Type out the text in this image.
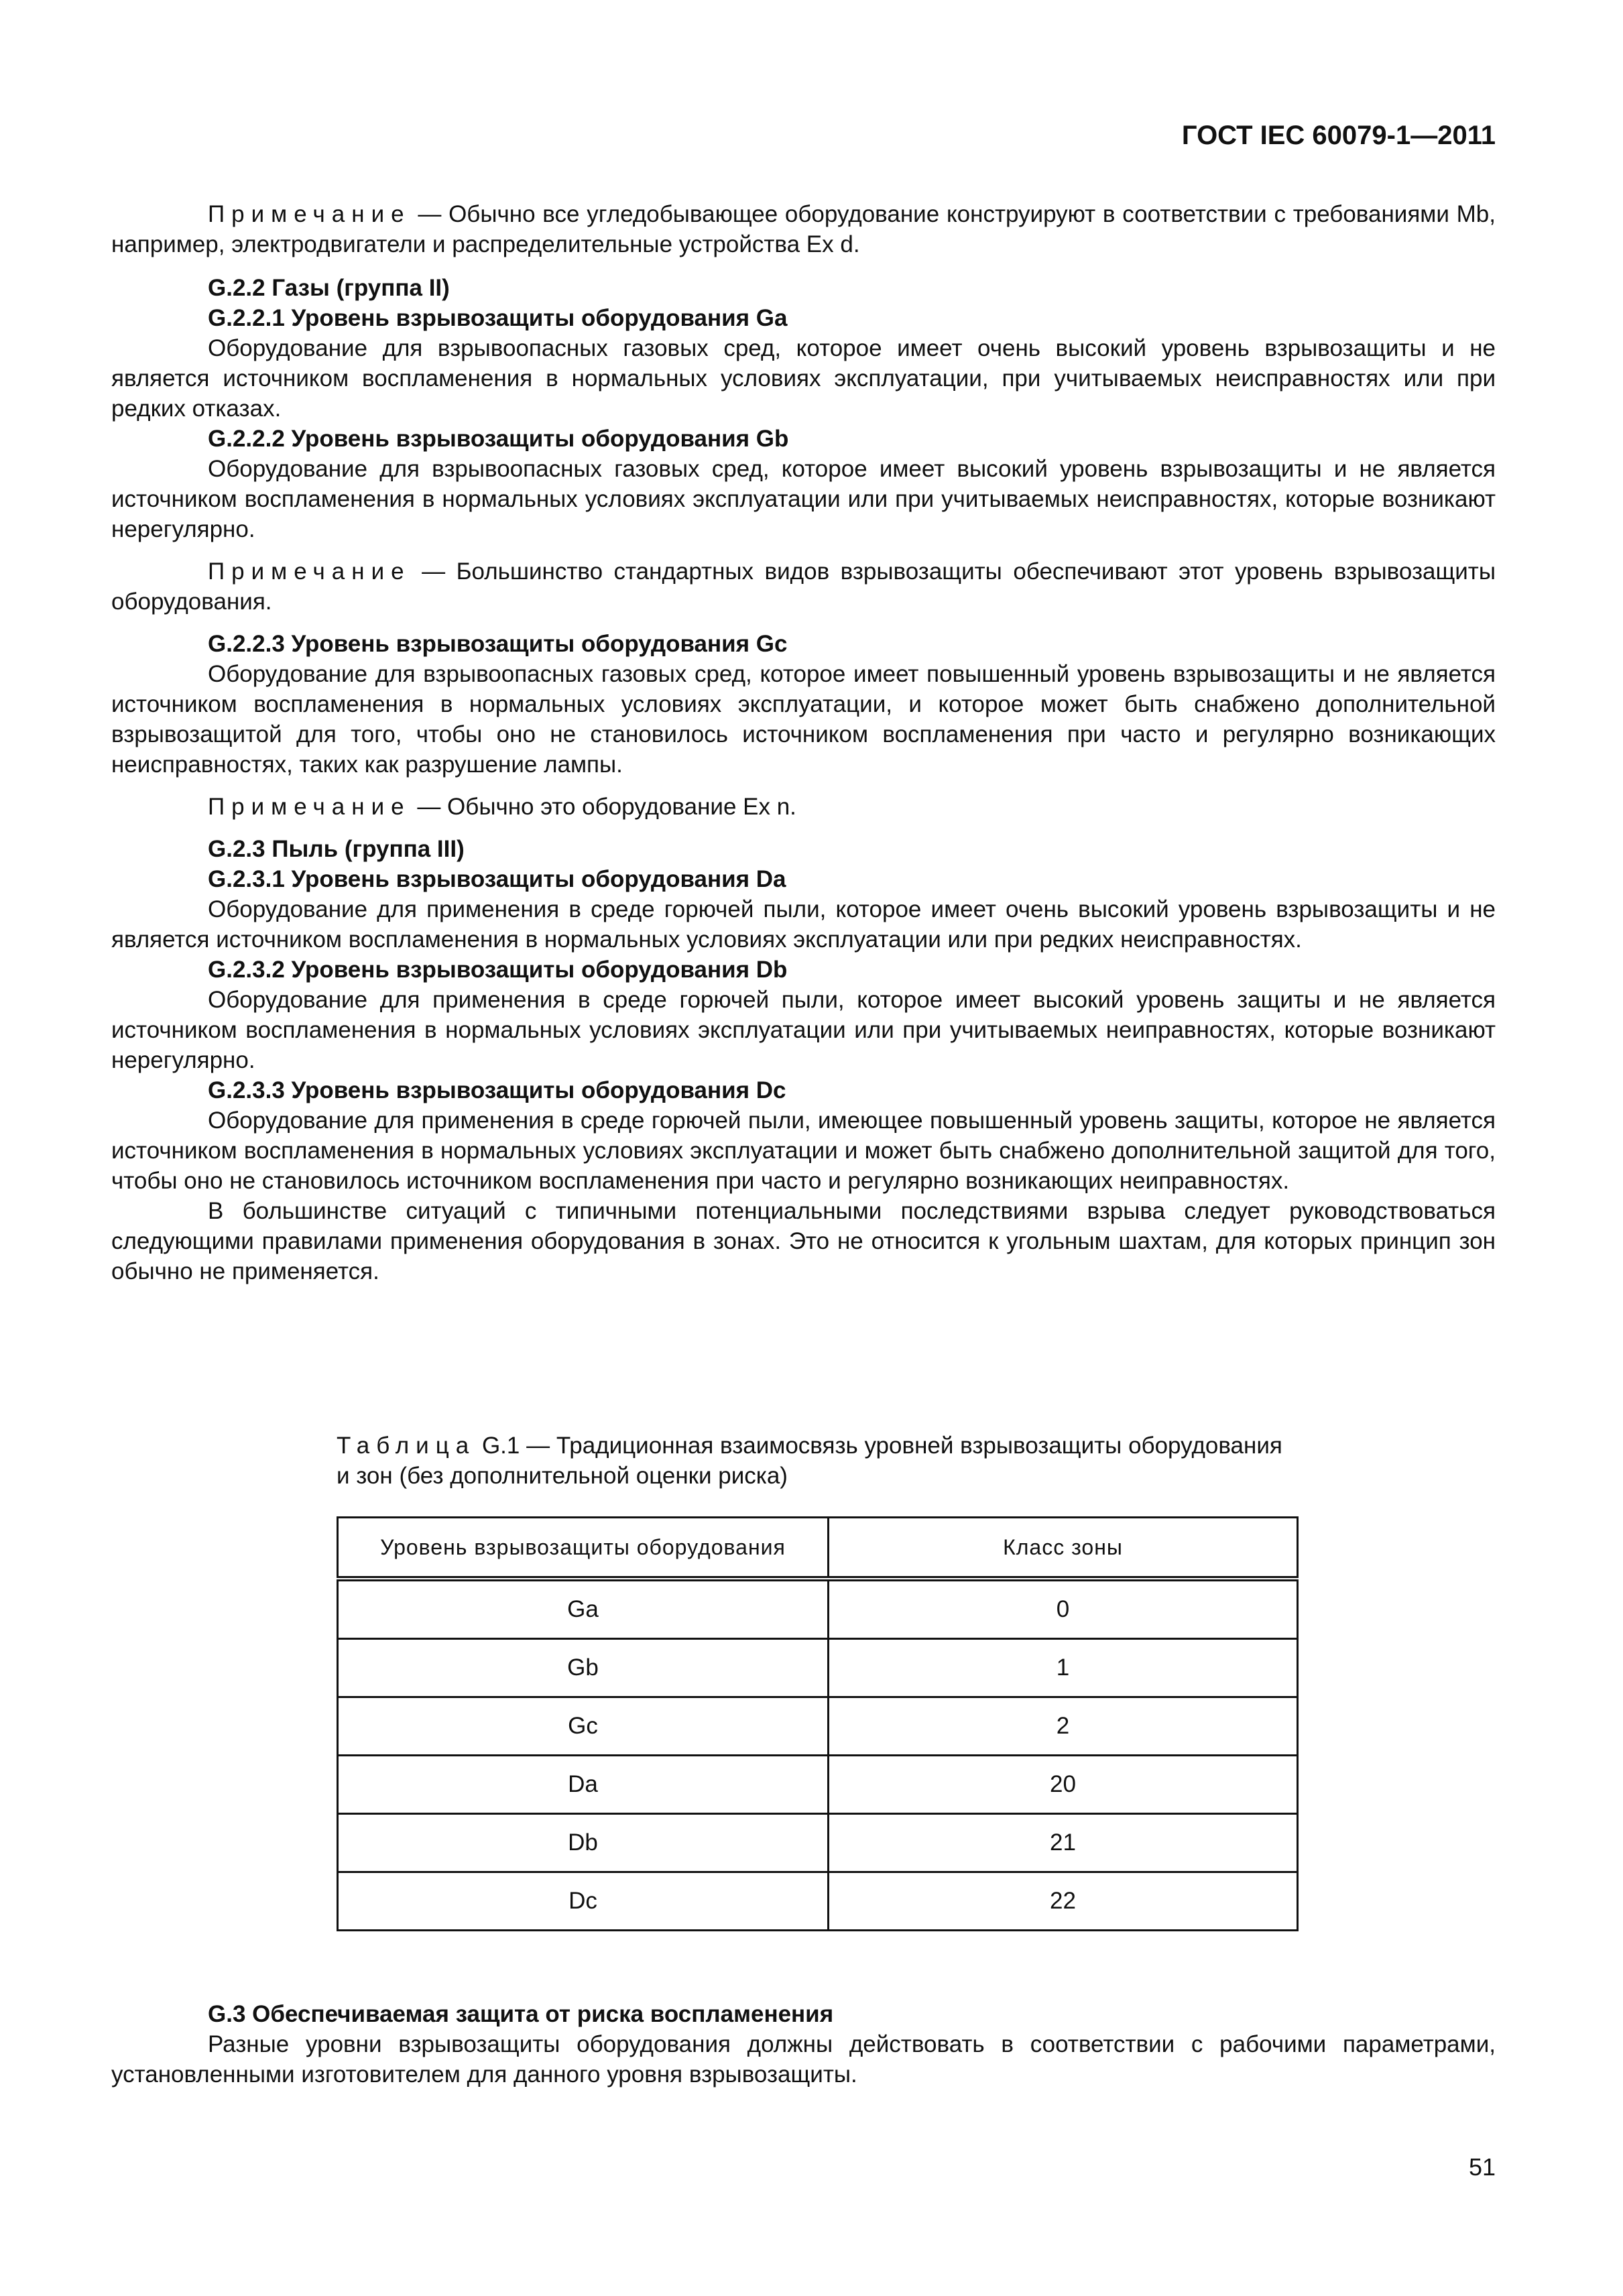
ГОСТ IEC 60079-1—2011

Примечание — Обычно все угледобывающее оборудование конструируют в соответствии с требованиями Mb, например, электродвигатели и распределительные устройства Ex d.

G.2.2 Газы (группа II)

G.2.2.1 Уровень взрывозащиты оборудования Ga

Оборудование для взрывоопасных газовых сред, которое имеет очень высокий уровень взрывозащиты и не является источником воспламенения в нормальных условиях эксплуатации, при учитываемых неисправностях или при редких отказах.

G.2.2.2 Уровень взрывозащиты оборудования Gb

Оборудование для взрывоопасных газовых сред, которое имеет высокий уровень взрывозащиты и не является источником воспламенения в нормальных условиях эксплуатации или при учитываемых неисправностях, которые возникают нерегулярно.

Примечание — Большинство стандартных видов взрывозащиты обеспечивают этот уровень взрывозащиты оборудования.

G.2.2.3 Уровень взрывозащиты оборудования Gc

Оборудование для взрывоопасных газовых сред, которое имеет повышенный уровень взрывозащиты и не является источником воспламенения в нормальных условиях эксплуатации, и которое может быть снабжено дополнительной взрывозащитой для того, чтобы оно не становилось источником воспламенения при часто и регулярно возникающих неисправностях, таких как разрушение лампы.

Примечание — Обычно это оборудование Ex n.

G.2.3 Пыль (группа III)

G.2.3.1 Уровень взрывозащиты оборудования Da

Оборудование для применения в среде горючей пыли, которое имеет очень высокий уровень взрывозащиты и не является источником воспламенения в нормальных условиях эксплуатации или при редких неисправностях.

G.2.3.2 Уровень взрывозащиты оборудования Db

Оборудование для применения в среде горючей пыли, которое имеет высокий уровень защиты и не является источником воспламенения в нормальных условиях эксплуатации или при учитываемых неиправностях, которые возникают нерегулярно.

G.2.3.3 Уровень взрывозащиты оборудования Dc

Оборудование для применения в среде горючей пыли, имеющее повышенный уровень защиты, которое не является источником воспламенения в нормальных условиях эксплуатации и может быть снабжено дополнительной защитой для того, чтобы оно не становилось источником воспламенения при часто и регулярно возникающих неиправностях.

В большинстве ситуаций с типичными потенциальными последствиями взрыва следует руководствоваться следующими правилами применения оборудования в зонах. Это не относится к угольным шахтам, для которых принцип зон обычно не применяется.

Таблица G.1 — Традиционная взаимосвязь уровней взрывозащиты оборудования и зон (без дополнительной оценки риска)

Уровень взрывозащиты оборудования	Класс зоны
Ga	0
Gb	1
Gc	2
Da	20
Db	21
Dc	22

G.3 Обеспечиваемая защита от риска воспламенения

Разные уровни взрывозащиты оборудования должны действовать в соответствии с рабочими параметрами, установленными изготовителем для данного уровня взрывозащиты.

51
